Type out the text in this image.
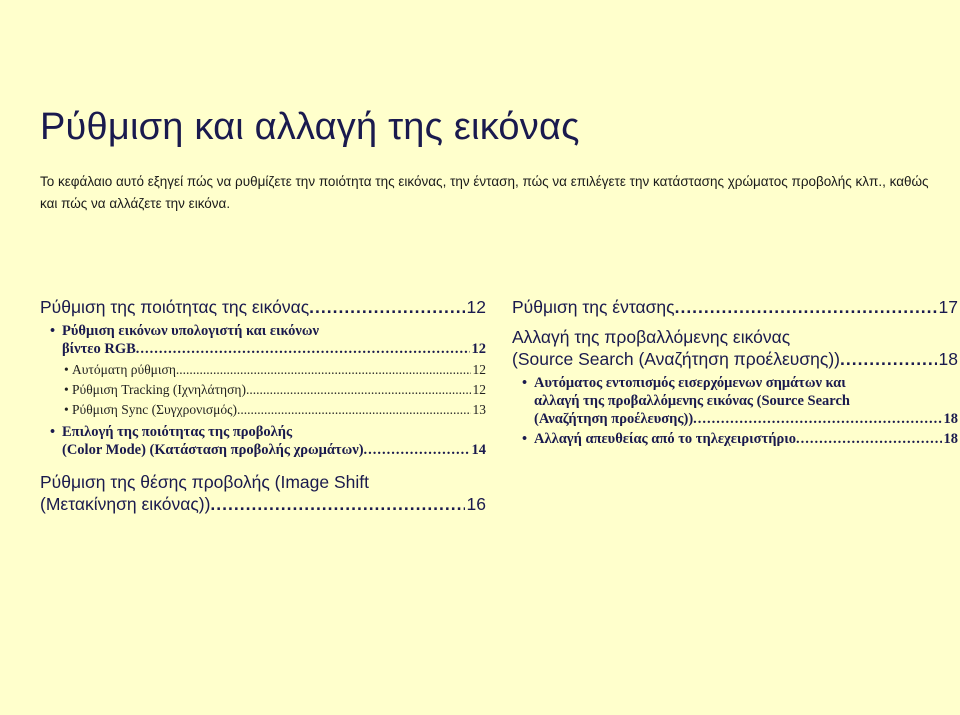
Ρύθμιση και αλλαγή της εικόνας
Το κεφάλαιο αυτό εξηγεί πώς να ρυθμίζετε την ποιότητα της εικόνας, την ένταση, πώς να επιλέγετε την κατάστασης χρώματος προβολής κλπ., καθώς και πώς να αλλάζετε την εικόνα.
Ρύθμιση της ποιότητας της εικόνας .....	12
• Ρύθμιση εικόνων υπολογιστή και εικόνων
βίντεο RGB .....	12
• Αυτόματη ρύθμιση .....	12
• Ρύθμιση Tracking (Ιχνηλάτηση) .....	12
• Ρύθμιση Sync (Συγχρονισμός) .....	13
• Επιλογή της ποιότητας της προβολής
(Color Mode) (Κατάσταση προβολής χρωμάτων) .....	14
Ρύθμιση της θέσης προβολής (Image Shift
(Μετακίνηση εικόνας)) .....	16
Ρύθμιση της έντασης .....	17
Αλλαγή της προβαλλόμενης εικόνας
(Source Search (Αναζήτηση προέλευσης)) .....	18
• Αυτόματος εντοπισμός εισερχόμενων σημάτων και
αλλαγή της προβαλλόμενης εικόνας (Source Search
(Αναζήτηση προέλευσης)) .....	18
• Αλλαγή απευθείας από το τηλεχειριστήριο .....	18
